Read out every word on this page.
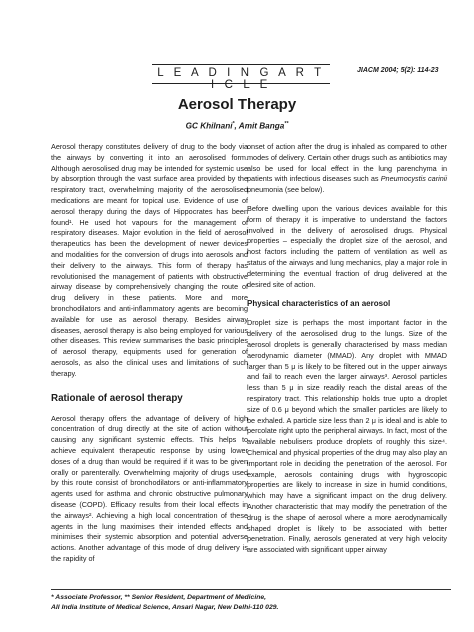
L E A D I N G A R T I C L E
JIACM 2004; 5(2): 114-23
Aerosol Therapy
GC Khilnani*, Amit Banga**

Aerosol therapy constitutes delivery of drug to the body via the airways by converting it into an aerosolised form. Although aerosolised drug may be intended for systemic use by absorption through the vast surface area provided by the respiratory tract, overwhelming majority of the aerosolised medications are meant for topical use. Evidence of use of aerosol therapy during the days of Hippocrates has been found¹. He used hot vapours for the management of respiratory diseases. Major evolution in the field of aerosol therapeutics has been the development of newer devices and modalities for the conversion of drugs into aerosols and their delivery to the airways. This form of therapy has revolutionised the management of patients with obstructive airway disease by comprehensively changing the route of drug delivery in these patients. More and more bronchodilators and anti-inflammatory agents are becoming available for use as aerosol therapy. Besides airway diseases, aerosol therapy is also being employed for various other diseases. This review summarises the basic principles of aerosol therapy, equipments used for generation of aerosols, as also the clinical uses and limitations of such therapy.

Rationale of aerosol therapy

Aerosol therapy offers the advantage of delivery of high concentration of drug directly at the site of action without causing any significant systemic effects. This helps to achieve equivalent therapeutic response by using lower doses of a drug than would be required if it was to be given orally or parenterally. Overwhelming majority of drugs used by this route consist of bronchodilators or anti-inflammatory agents used for asthma and chronic obstructive pulmonary disease (COPD). Efficacy results from their local effects in the airways². Achieving a high local concentration of these agents in the lung maximises their intended effects and minimises their systemic absorption and potential adverse actions. Another advantage of this mode of drug delivery is the rapidity of

onset of action after the drug is inhaled as compared to other modes of delivery. Certain other drugs such as antibiotics may also be used for local effect in the lung parenchyma in patients with infectious diseases such as Pneumocystis carinii pneumonia (see below).

Before dwelling upon the various devices available for this form of therapy it is imperative to understand the factors involved in the delivery of aerosolised drugs. Physical properties – especially the droplet size of the aerosol, and host factors including the pattern of ventilation as well as status of the airways and lung mechanics, play a major role in determining the eventual fraction of drug delivered at the desired site of action.

Physical characteristics of an aerosol

Droplet size is perhaps the most important factor in the delivery of the aerosolised drug to the lungs. Size of the aerosol droplets is generally characterised by mass median aerodynamic diameter (MMAD). Any droplet with MMAD larger than 5 μ is likely to be filtered out in the upper airways and fail to reach even the larger airways³. Aerosol particles less than 5 μ in size readily reach the distal areas of the respiratory tract. This relationship holds true upto a droplet size of 0.6 μ beyond which the smaller particles are likely to be exhaled. A particle size less than 2 μ is ideal and is able to percolate right upto the peripheral airways. In fact, most of the available nebulisers produce droplets of roughly this size⁴. Chemical and physical properties of the drug may also play an important role in deciding the penetration of the aerosol. For example, aerosols containing drugs with hygroscopic properties are likely to increase in size in humid conditions, which may have a significant impact on the drug delivery. Another characteristic that may modify the penetration of the drug is the shape of aerosol where a more aerodynamically shaped droplet is likely to be associated with better penetration. Finally, aerosols generated at very high velocity are associated with significant upper airway

* Associate Professor, ** Senior Resident, Department of Medicine,
All India Institute of Medical Science, Ansari Nagar, New Delhi-110 029.
